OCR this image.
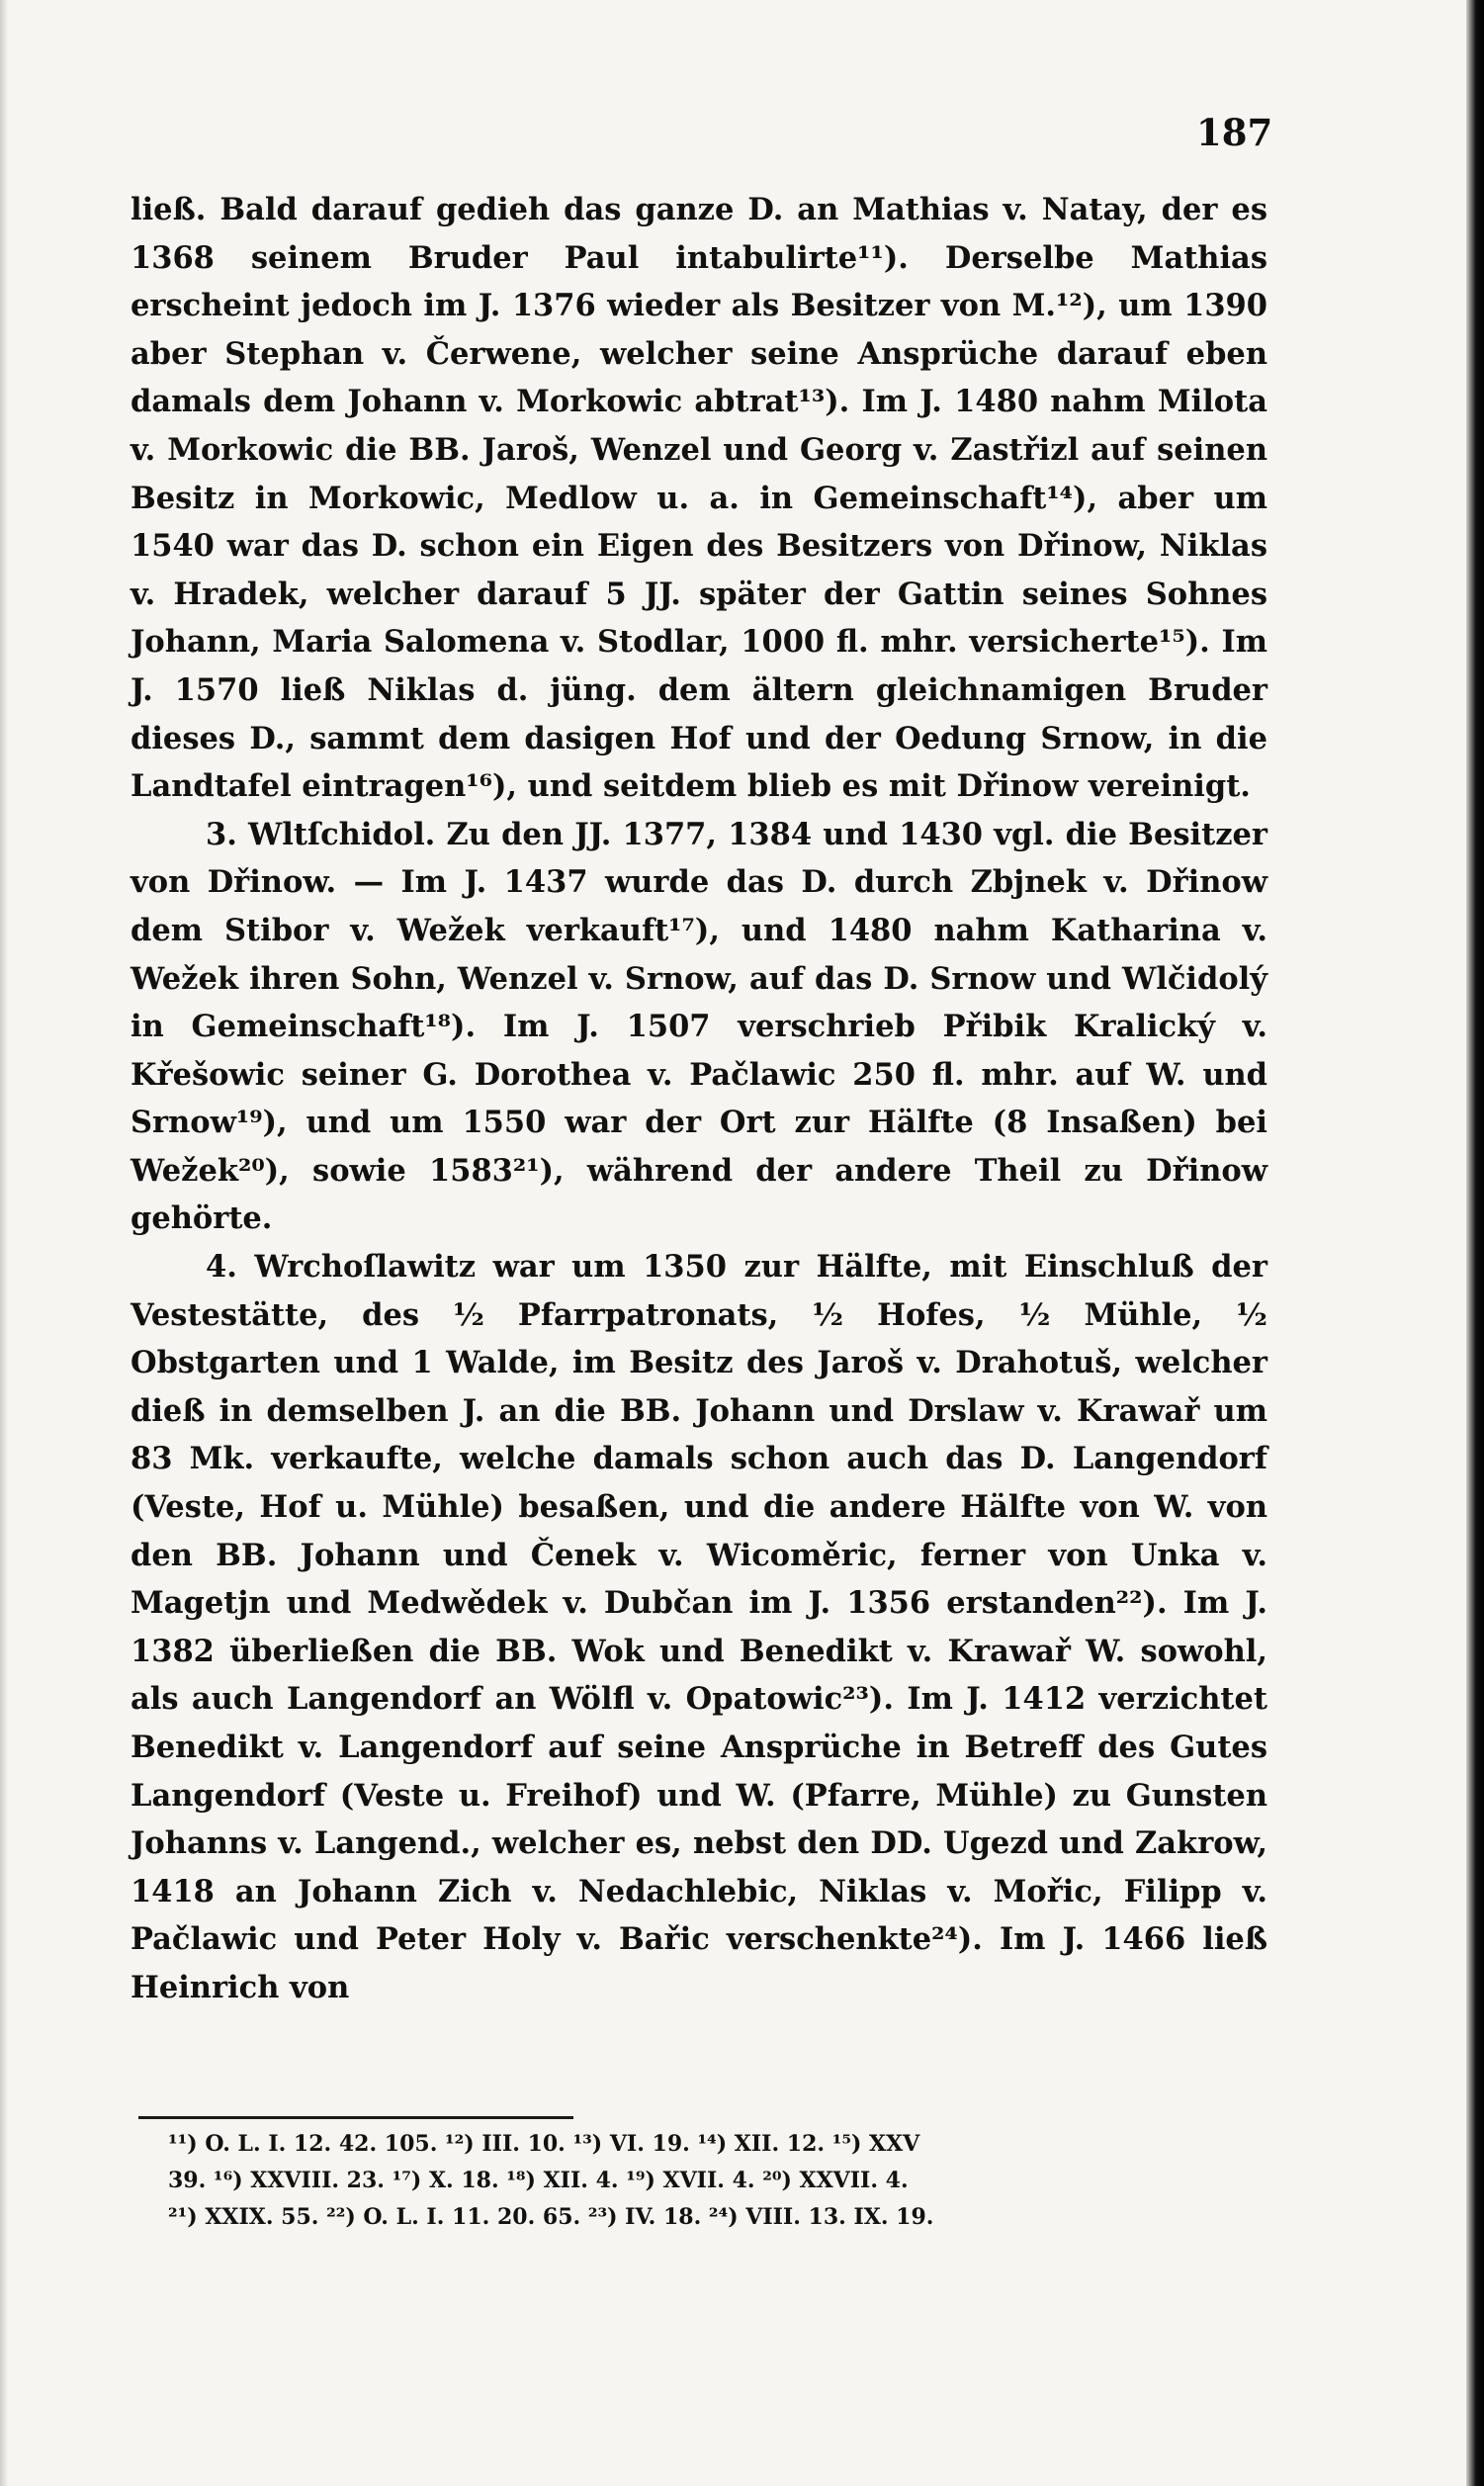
187

ließ. Bald darauf gedieh das ganze D. an Mathias v. Natay, der es 1368 seinem Bruder Paul intabulirte¹¹). Derselbe Mathias erscheint jedoch im J. 1376 wieder als Besitzer von M.¹²), um 1390 aber Stephan v. Čerwene, welcher seine Ansprüche darauf eben damals dem Johann v. Morkowic abtrat¹³). Im J. 1480 nahm Milota v. Morkowic die BB. Jaroš, Wenzel und Georg v. Zastřizl auf seinen Besitz in Morkowic, Medlow u. a. in Gemeinschaft¹⁴), aber um 1540 war das D. schon ein Eigen des Besitzers von Dřinow, Niklas v. Hradek, welcher darauf 5 JJ. später der Gattin seines Sohnes Johann, Maria Salomena v. Stodlar, 1000 fl. mhr. versicherte¹⁵). Im J. 1570 ließ Niklas d. jüng. dem ältern gleichnamigen Bruder dieses D., sammt dem dasigen Hof und der Oedung Srnow, in die Landtafel eintragen¹⁶), und seitdem blieb es mit Dřinow vereinigt.

3. Wltſchidol. Zu den JJ. 1377, 1384 und 1430 vgl. die Besitzer von Dřinow. — Im J. 1437 wurde das D. durch Zbjnek v. Dřinow dem Stibor v. Wežek verkauft¹⁷), und 1480 nahm Katharina v. Wežek ihren Sohn, Wenzel v. Srnow, auf das D. Srnow und Wlčidolý in Gemeinschaft¹⁸). Im J. 1507 verschrieb Přibik Kralický v. Křešowic seiner G. Dorothea v. Pačlawic 250 fl. mhr. auf W. und Srnow¹⁹), und um 1550 war der Ort zur Hälfte (8 Insaßen) bei Wežek²⁰), sowie 1583²¹), während der andere Theil zu Dřinow gehörte.

4. Wrchoſlawitz war um 1350 zur Hälfte, mit Einschluß der Vestestätte, des ½ Pfarrpatronats, ½ Hofes, ½ Mühle, ½ Obstgarten und 1 Walde, im Besitz des Jaroš v. Drahotuš, welcher dieß in demselben J. an die BB. Johann und Drslaw v. Krawař um 83 Mk. verkaufte, welche damals schon auch das D. Langendorf (Veste, Hof u. Mühle) besaßen, und die andere Hälfte von W. von den BB. Johann und Čenek v. Wicoměric, ferner von Unka v. Magetjn und Medwědek v. Dubčan im J. 1356 erstanden²²). Im J. 1382 überließen die BB. Wok und Benedikt v. Krawař W. sowohl, als auch Langendorf an Wölfl v. Opatowic²³). Im J. 1412 verzichtet Benedikt v. Langendorf auf seine Ansprüche in Betreff des Gutes Langendorf (Veste u. Freihof) und W. (Pfarre, Mühle) zu Gunsten Johanns v. Langend., welcher es, nebst den DD. Ugezd und Zakrow, 1418 an Johann Zich v. Nedachlebic, Niklas v. Mořic, Filipp v. Pačlawic und Peter Holy v. Bařic verschenkte²⁴). Im J. 1466 ließ Heinrich von

¹¹) O. L. I. 12. 42. 105. ¹²) III. 10. ¹³) VI. 19. ¹⁴) XII. 12. ¹⁵) XXV
39. ¹⁶) XXVIII. 23. ¹⁷) X. 18. ¹⁸) XII. 4. ¹⁹) XVII. 4. ²⁰) XXVII. 4.
²¹) XXIX. 55. ²²) O. L. I. 11. 20. 65. ²³) IV. 18. ²⁴) VIII. 13. IX. 19.
